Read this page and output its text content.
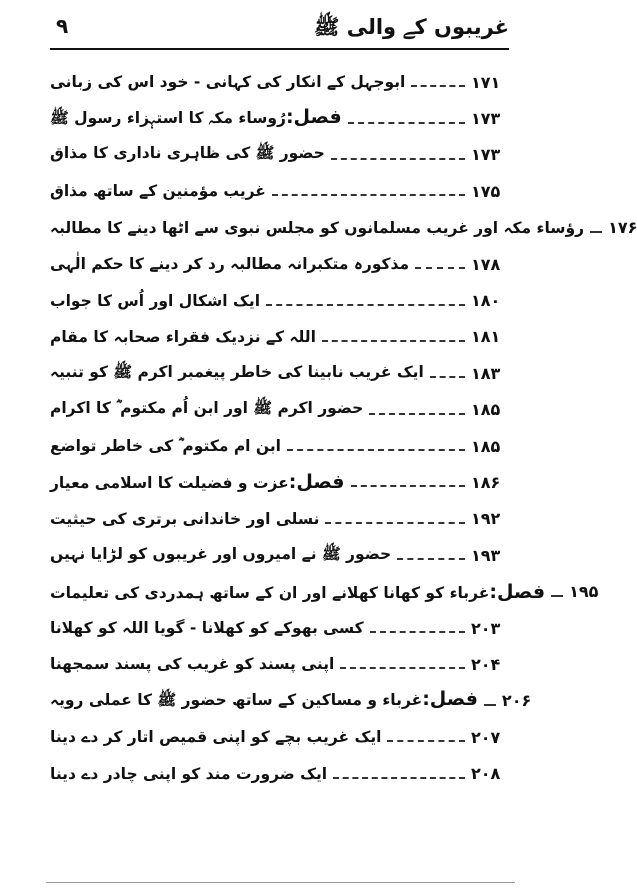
غریبوں کے والی ﷺ
۹
ابوجہل کے انکار کی کہانی - خود اس کی زبانی	۱۷۱
فصل:رُوساء مکہ کا استہزاء رسول ﷺ	۱۷۳
حضور ﷺ کی ظاہری ناداری کا مذاق	۱۷۳
غریب مؤمنین کے ساتھ مذاق	۱۷۵
رؤساء مکہ اور غریب مسلمانوں کو مجلس نبوی سے اٹھا دینے کا مطالبہ ۱۷۶
مذکورہ متکبرانہ مطالبہ رد کر دینے کا حکم الٰہی	۱۷۸
ایک اشکال اور اُس کا جواب	۱۸۰
اللہ کے نزدیک فقراء صحابہ کا مقام	۱۸۱
ایک غریب نابینا کی خاطر پیغمبر اکرم ﷺ کو تنبیہ	۱۸۳
حضور اکرم ﷺ اور ابن اُم مکتوم ؓ کا اکرام	۱۸۵
ابن ام مکتوم ؓ کی خاطر تواضع	۱۸۵
فصل:عزت و فضیلت کا اسلامی معیار	۱۸۶
نسلی اور خاندانی برتری کی حیثیت	۱۹۲
حضور ﷺ نے امیروں اور غریبوں کو لڑایا نہیں	۱۹۳
فصل:غرباء کو کھانا کھلانے اور ان کے ساتھ ہمدردی کی تعلیمات	۱۹۵
کسی بھوکے کو کھلانا - گویا اللہ کو کھلانا	۲۰۳
اپنی پسند کو غریب کی پسند سمجھنا	۲۰۴
فصل:غرباء و مساکین کے ساتھ حضور ﷺ کا عملی رویہ	۲۰۶
ایک غریب بچے کو اپنی قمیص اتار کر دے دینا	۲۰۷
ایک ضرورت مند کو اپنی چادر دے دینا	۲۰۸
